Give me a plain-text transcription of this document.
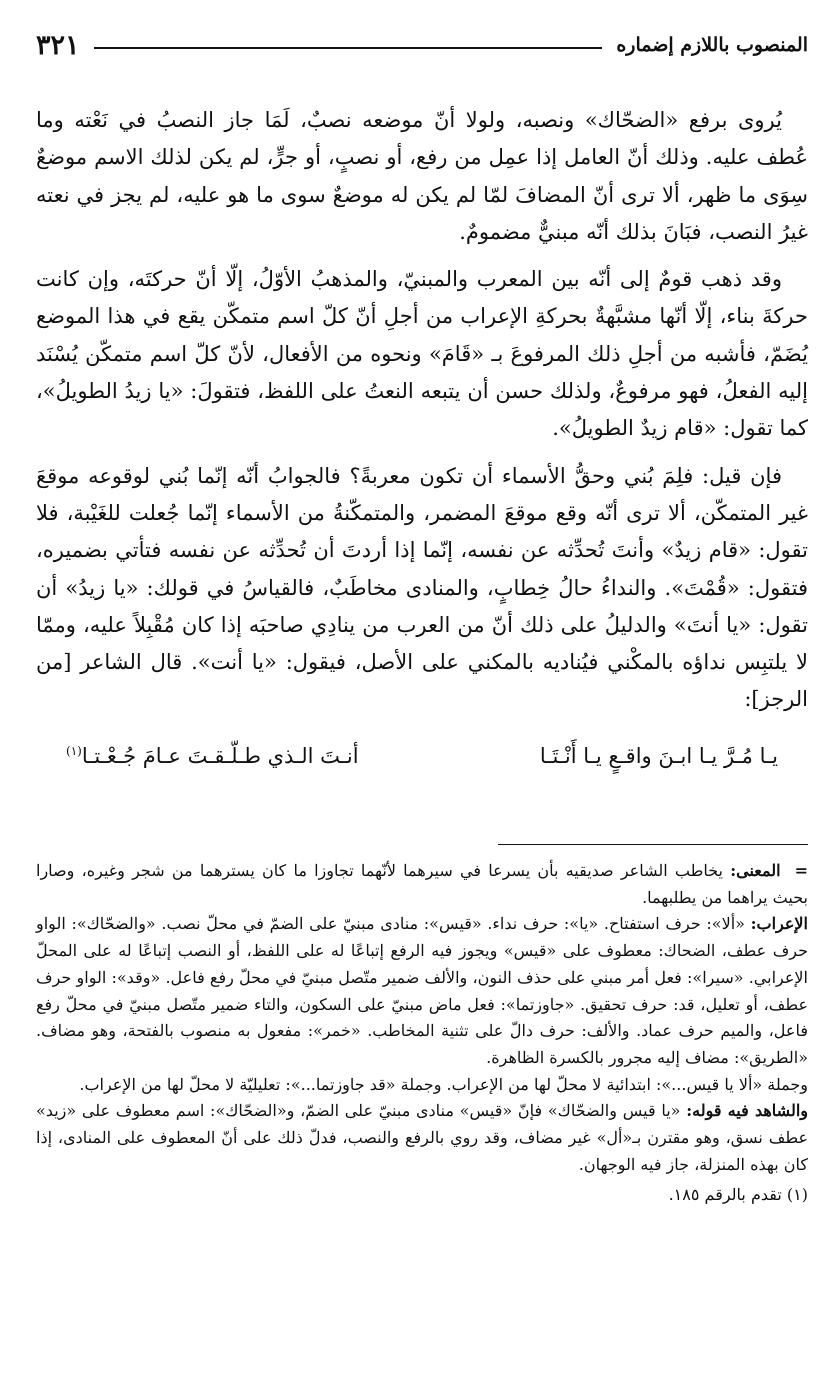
المنصوب باللازم إضماره
٣٢١

يُروى برفع «الضحّاك» ونصبه، ولولا أنّ موضعه نصبٌ، لَمَا جاز النصبُ في نَعْته وما عُطف عليه. وذلك أنّ العامل إذا عمِل من رفع، أو نصبٍ، أو جرٍّ، لم يكن لذلك الاسم موضعٌ سِوَى ما ظهر، ألا ترى أنّ المضافَ لمّا لم يكن له موضعٌ سوى ما هو عليه، لم يجز في نعته غيرُ النصب، فبَانَ بذلك أنّه مبنيٌّ مضمومٌ.

وقد ذهب قومٌ إلى أنّه بين المعرب والمبنيّ، والمذهبُ الأوّلُ، إلّا أنّ حركتَه، وإن كانت حركةَ بناء، إلّا أنّها مشبَّهةٌ بحركةِ الإعراب من أجلِ أنّ كلّ اسم متمكّن يقع في هذا الموضع يُضَمّ، فأشبه من أجلِ ذلك المرفوعَ بـ «قَامَ» ونحوه من الأفعال، لأنّ كلّ اسم متمكّن يُسْنَد إليه الفعلُ، فهو مرفوعٌ، ولذلك حسن أن يتبعه النعتُ على اللفظ، فتقولَ: «يا زيدُ الطويلُ»، كما تقول: «قام زيدٌ الطويلُ».

فإن قيل: فلِمَ بُني وحقُّ الأسماء أن تكون معربةً؟ فالجوابُ أنّه إنّما بُني لوقوعه موقعَ غير المتمكّن، ألا ترى أنّه وقع موقعَ المضمر، والمتمكّنةُ من الأسماء إنّما جُعلت للغَيْبة، فلا تقول: «قام زيدٌ» وأنتَ تُحدِّثه عن نفسه، إنّما إذا أردتَ أن تُحدِّثه عن نفسه فتأتي بضميره، فتقول: «قُمْتَ». والنداءُ حالُ خِطابٍ، والمنادى مخاطَبٌ، فالقياسُ في قولك: «يا زيدُ» أن تقول: «يا أنتَ» والدليلُ على ذلك أنّ من العرب من ينادِي صاحبَه إذا كان مُقْبِلاً عليه، وممّا لا يلتبِس نداؤه بالمكْني فيُناديه بالمكني على الأصل، فيقول: «يا أنت». قال الشاعر [من الرجز]:

يـا مُـرَّ يـا ابـنَ واقـعٍ يـا أَنْـتَـا
أنـتَ الـذي طـلّـقـتَ عـامَ جُـعْـتـا$^{(١)}$

=
المعنى: يخاطب الشاعر صديقيه بأن يسرعا في سيرهما لأنّهما تجاوزا ما كان يسترهما من شجر وغيره، وصارا بحيث يراهما من يطلبهما.

الإعراب: «ألا»: حرف استفتاح. «يا»: حرف نداء. «قيس»: منادى مبنيّ على الضمّ في محلّ نصب. «والضحّاك»: الواو حرف عطف، الضحاك: معطوف على «قيس» ويجوز فيه الرفع إتباعًا له على اللفظ، أو النصب إتباعًا له على المحلّ الإعرابي. «سيرا»: فعل أمر مبني على حذف النون، والألف ضمير متّصل مبنيّ في محلّ رفع فاعل. «وقد»: الواو حرف عطف، أو تعليل، قد: حرف تحقيق. «جاوزتما»: فعل ماض مبنيّ على السكون، والتاء ضمير متّصل مبنيّ في محلّ رفع فاعل، والميم حرف عماد. والألف: حرف دالّ على تثنية المخاطب. «خمر»: مفعول به منصوب بالفتحة، وهو مضاف. «الطريق»: مضاف إليه مجرور بالكسرة الظاهرة.

وجملة «ألا يا قيس...»: ابتدائية لا محلّ لها من الإعراب. وجملة «قد جاوزتما...»: تعليليّة لا محلّ لها من الإعراب.

والشاهد فيه قوله: «يا قيس والضحّاك» فإنّ «قيس» منادى مبنيّ على الضمّ، و«الضحّاك»: اسم معطوف على «زيد» عطف نسق، وهو مقترن بـ«أل» غير مضاف، وقد روي بالرفع والنصب، فدلّ ذلك على أنّ المعطوف على المنادى، إذا كان بهذه المنزلة، جاز فيه الوجهان.

(١) تقدم بالرقم ١٨٥.
